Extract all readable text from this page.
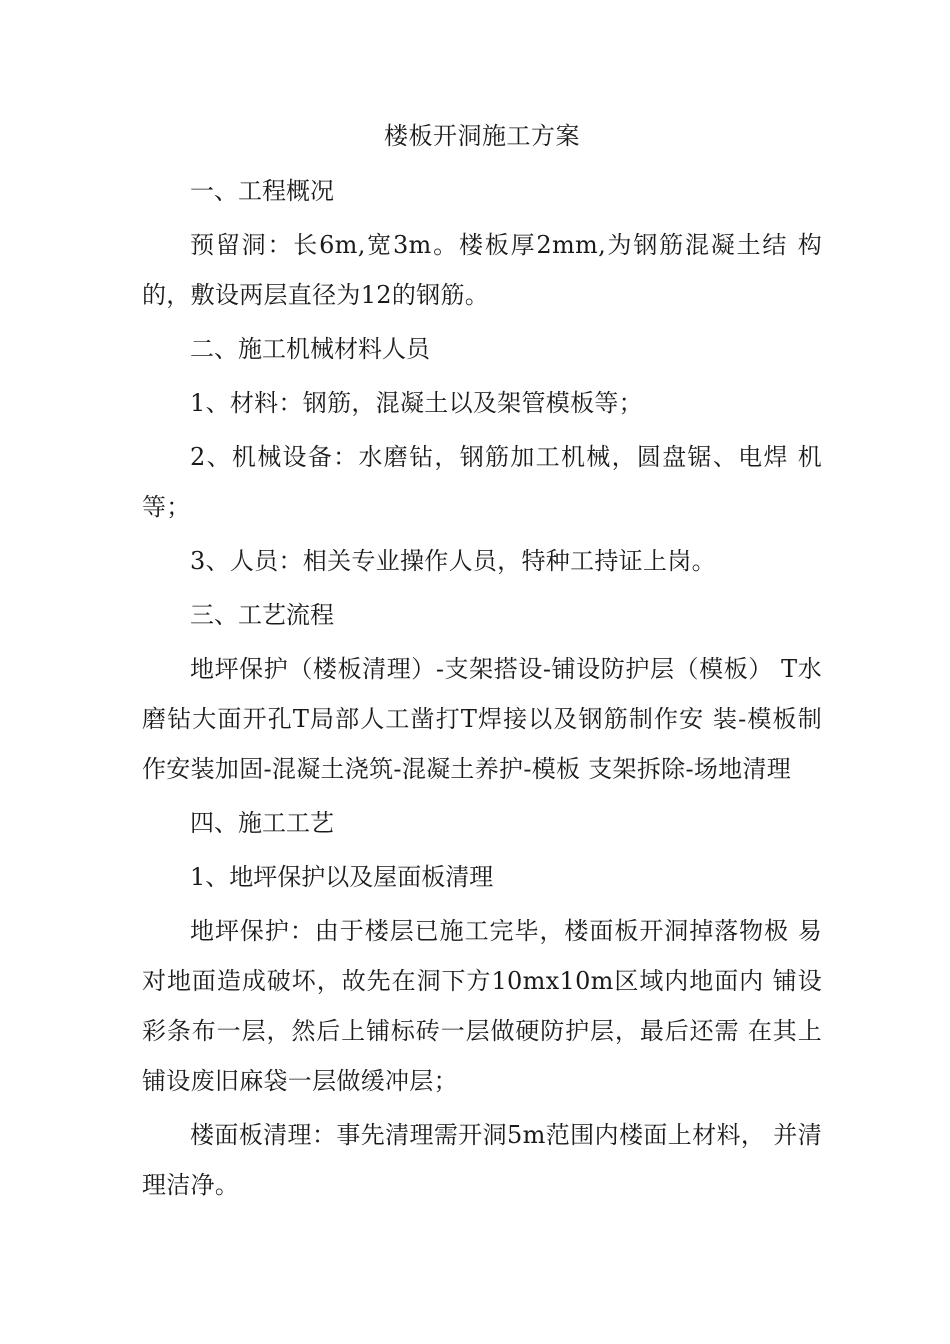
楼板开洞施工方案

一、工程概况

预留洞：长6m,宽3m。楼板厚2mm,为钢筋混凝土结 构的，敷设两层直径为12的钢筋。

二、施工机械材料人员

1、材料：钢筋，混凝土以及架管模板等；

2、机械设备：水磨钻，钢筋加工机械，圆盘锯、电焊 机等；

3、人员：相关专业操作人员，特种工持证上岗。

三、工艺流程

地坪保护（楼板清理）-支架搭设-铺设防护层（模板） T水磨钻大面开孔T局部人工凿打T焊接以及钢筋制作安 装-模板制作安装加固-混凝土浇筑-混凝土养护-模板 支架拆除-场地清理

四、施工工艺

1、地坪保护以及屋面板清理

地坪保护：由于楼层已施工完毕，楼面板开洞掉落物极 易对地面造成破坏，故先在洞下方10mx10m区域内地面内 铺设彩条布一层，然后上铺标砖一层做硬防护层，最后还需 在其上铺设废旧麻袋一层做缓冲层；

楼面板清理：事先清理需开洞5m范围内楼面上材料， 并清理洁净。
